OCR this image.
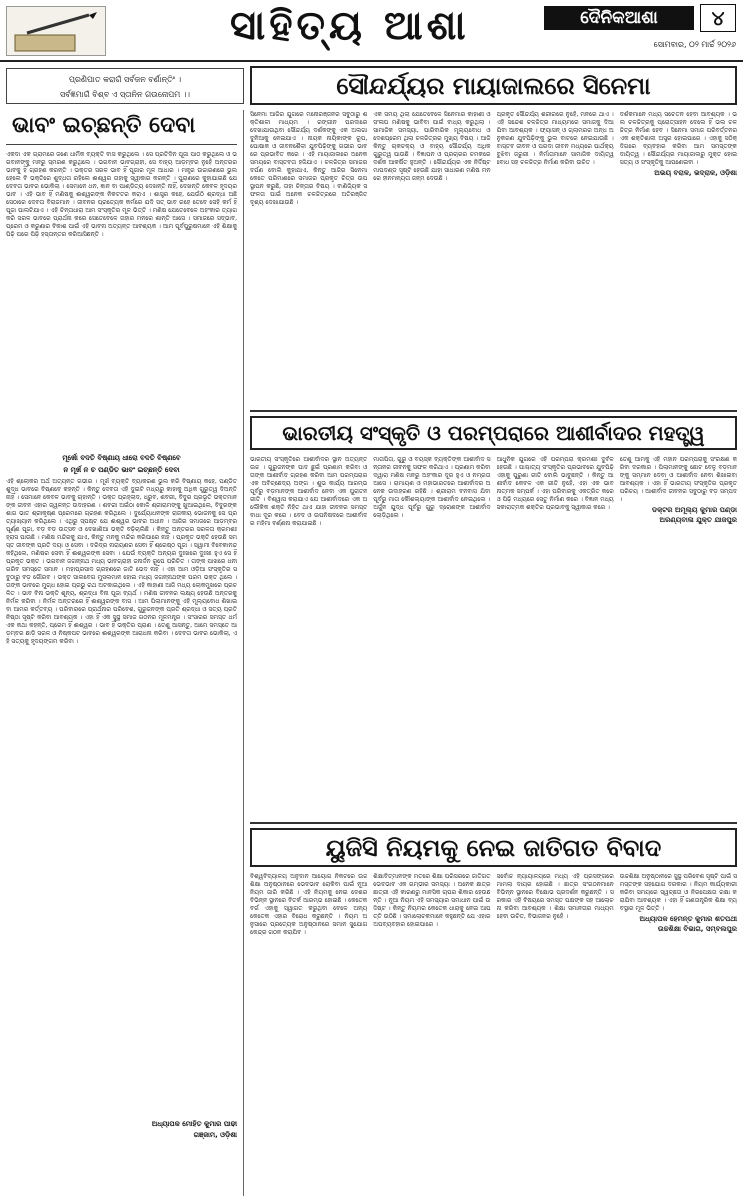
ସାହିତ୍ୟ ଆଶା	ଦୈନିକଆଶା	୪
ସୋମବାର, ୦୨ ମାର୍ଚ୍ଚ ୨୦୨୬
ପ୍ରଣିପାତ କରାଗଁ ସର୍ବଜନ ବର୍ଣାନ୍ତିଂ ।
ସର୍ବଜ୍ଞମାଗଁ ବିଶ୍ବ ଏ ସ୍ତାନିନ ଗଉନୋପମ ।।
ଭାବଂ ଇଚ୍ଛନ୍ତି ଦେବା
ଏକଦା ଏକ ଗ୍ରାମରେ ଜଣେ ଧାର୍ମିକ ବ୍ୟକ୍ତି ବାସ କରୁଥିଲେ । ସେ ପ୍ରତିଦିନ ପୂଜା ପାଠ କରୁଥିଲେ ଓ ଭଗବାନଙ୍କୁ ମନରୁ ସ୍ମରଣ କରୁଥିଲେ । ଭଗବାନ ଭାବଗ୍ରାହୀ, ସେ ବାହ୍ୟ ଆଡ଼ମ୍ବର ନୁହେଁ ଅନ୍ତରର ଭାବକୁ ହିଁ ଗ୍ରହଣ କରନ୍ତି । ଭକ୍ତର ସରଳ ଭାବ ହିଁ ପୂଜାର ମୂଳ ଆଧାର । ମନ୍ତ୍ର ଉଚ୍ଚାରଣରେ ଭୁଲ ହେଲେ ବି ଭକ୍ତିରେ ଶୁଦ୍ଧତା ରହିଲେ ଈଶ୍ୱର ତାହାକୁ ସ୍ୱୀକାର କରନ୍ତି । ପୁରାଣରେ କୁହାଯାଇଛି ଯେ ଦେବତା ଭାବର ଭୋକିଲା । ସେମାନେ ଧନ, ଜ୍ଞାନ ବା ପାଣ୍ଡିତ୍ୟ ଦେଖନ୍ତି ନାହିଁ, ଦେଖନ୍ତି କେବଳ ହୃଦୟର ଭାବ । ଏହି ଭାବ ହିଁ ମଣିଷକୁ ଈଶ୍ୱରଙ୍କ ନିକଟତର କରାଏ । ଶାସ୍ତ୍ର କହେ, ଯେଉଁଠି ଶ୍ରଦ୍ଧା ଅଛି ସେଠାରେ ଦେବତା ବିରାଜମାନ । ଜୀବନର ପ୍ରତ୍ୟେକ କର୍ମରେ ଯଦି ସତ୍ ଭାବ ରହେ ତେବେ ସେହି କର୍ମ ହିଁ ପୂଜା ପାଲଟିଯାଏ । ଏହି ଚିନ୍ତାଧାରା ଆମ ସଂସ୍କୃତିର ମୂଳ ଭିତ୍ତି । ମଣିଷ ଯେତେବେଳେ ଅହଂକାର ତ୍ୟାଗ କରି ସରଳ ଭାବରେ ପ୍ରାର୍ଥନା କରେ ସେତେବେଳେ ତାହାର ମନରେ ଶାନ୍ତି ଆସେ । ସମାଜରେ ସଦ୍‌ଭାବ, ପ୍ରେମ ଓ କରୁଣାର ବିକାଶ ପାଇଁ ଏହି ଭାବନା ଅତ୍ୟନ୍ତ ଆବଶ୍ୟକ । ଆମ ପୂର୍ବପୁରୁଷମାନେ ଏହି ଶିକ୍ଷାକୁ ପିଢ଼ି ପରେ ପିଢ଼ି ହସ୍ତାନ୍ତର କରିଆସିଛନ୍ତି ।
ମୂର୍ଖୋ ବଦତି ବିଷ୍ଣାୟ ଧୀରୋ ବଦତି ବିଷ୍ଣବେ
ନ ମୂର୍ଖ ନ ଚ ପଣ୍ଡିତ ଭାବଂ ଇଚ୍ଛନ୍ତି ଦେବା
ଏହି ଶ୍ଲୋକର ଅର୍ଥ ଅତ୍ୟନ୍ତ ଗଭୀର । ମୂର୍ଖ ବ୍ୟକ୍ତି ବ୍ୟାକରଣ ଭୁଲ କରି ବିଷ୍ଣାୟ କହେ, ପଣ୍ଡିତ ଶୁଦ୍ଧ ଭାବରେ ବିଷ୍ଣବେ କହନ୍ତି । କିନ୍ତୁ ଦେବତା ଏହି ଦୁଇଟି ମଧ୍ୟରୁ କାହାକୁ ଅଧିକ ଗୁରୁତ୍ୱ ଦିଅନ୍ତି ନାହିଁ । ସେମାନେ କେବଳ ଭାବକୁ ଚାହାନ୍ତି । ଭକ୍ତ ପ୍ରହ୍ଲାଦ, ଧ୍ରୁବ, ଶବରୀ, ବିଦୁର ପ୍ରଭୃତି ଭକ୍ତମାନଙ୍କ ଜୀବନ ଏହାର ଜ୍ୱଳନ୍ତ ଉଦାହରଣ । ଶବରୀ ଅଇଁଠା କୋଳି ଶ୍ରୀରାମଙ୍କୁ ଖୁଆଇଥିଲେ, ବିଦୁରଙ୍କ ଶାଗ ଭାତ ଶ୍ରୀକୃଷ୍ଣ ପ୍ରେମରେ ଗ୍ରହଣ କରିଥିଲେ । ଦୁର୍ଯ୍ୟୋଧନଙ୍କ ରାଜକୀୟ ଭୋଜନକୁ ସେ ପ୍ରତ୍ୟାଖ୍ୟାନ କରିଥିଲେ । ଏଥିରୁ ସ୍ପଷ୍ଟ ଯେ ଈଶ୍ୱର ଭାବର ଅଧୀନ । ଆଜିର ସମାଜରେ ଆଡ଼ମ୍ବରପୂର୍ଣ୍ଣ ପୂଜା, ବଡ଼ ବଡ଼ ଉତ୍ସବ ଓ ଦେଖାଣିଆ ଭକ୍ତି ବଢ଼ିଚାଲିଛି । କିନ୍ତୁ ଅନ୍ତରର ସରଳତା କ୍ରମଶଃ ହ୍ରାସ ପାଉଛି । ମଣିଷ ମନ୍ଦିରକୁ ଯାଏ, କିନ୍ତୁ ମନକୁ ମନ୍ଦିର କରିପାରେ ନାହିଁ । ପ୍ରକୃତ ଭକ୍ତି ହେଉଛି ସମସ୍ତ ଜୀବଙ୍କ ପ୍ରତି ଦୟା ଓ ସେବା । ଦରିଦ୍ର ନାରାୟଣର ସେବା ହିଁ ଶ୍ରେଷ୍ଠ ପୂଜା । ସ୍ୱାମୀ ବିବେକାନନ୍ଦ କହିଥିଲେ, ମଣିଷର ସେବା ହିଁ ଈଶ୍ୱରଙ୍କ ସେବା । ଯେଉଁ ବ୍ୟକ୍ତି ଅନ୍ୟର ଦୁଃଖରେ ଦୁଃଖୀ ହୁଏ ସେ ହିଁ ପ୍ରକୃତ ଭକ୍ତ । ଭଗବାନ ଜଗନ୍ନାଥ ମଧ୍ୟ ଭାବଗ୍ରାହୀ ଜନାର୍ଦ୍ଦନ ରୂପେ ପରିଚିତ । ତାଙ୍କ ପାଖରେ ଧନୀ ଗରିବ ସମସ୍ତେ ସମାନ । ମହାପ୍ରସାଦ ଗ୍ରହଣରେ ଜାତି ଭେଦ ନାହିଁ । ଏହା ଆମ ଓଡ଼ିଆ ସଂସ୍କୃତିର ସବୁଠାରୁ ବଡ଼ ଗୌରବ । ଭକ୍ତ ସାଲବେଗ ମୁସଲମାନ ହୋଇ ମଧ୍ୟ ଜଗନ୍ନାଥଙ୍କ ପରମ ଭକ୍ତ ଥିଲେ । ତାଙ୍କ ଭାବରେ ମୁଗ୍ଧ ହୋଇ ପ୍ରଭୁ ରଥ ଅଟକାଇଥିଲେ । ଏହି କାହାଣୀ ଆଜି ମଧ୍ୟ ଲୋକମୁଖରେ ପ୍ରଚଳିତ । ଭାବ ବିନା ଭକ୍ତି ଶୂନ୍ୟ, ଶ୍ରଦ୍ଧା ବିନା ପୂଜା ବ୍ୟର୍ଥ । ମଣିଷ ଜୀବନର ଲକ୍ଷ୍ୟ ହେଉଛି ଅନ୍ତରକୁ ନିର୍ମଳ କରିବା । ନିର୍ମଳ ଅନ୍ତରରେ ହିଁ ଈଶ୍ୱରଙ୍କ ବାସ । ଆମ ପିଲାମାନଙ୍କୁ ଏହି ମୂଲ୍ୟବୋଧ ଶିଖାଇବା ଆମର କର୍ତ୍ତବ୍ୟ । ପରିବାରରେ ପ୍ରାର୍ଥନାର ପରିବେଶ, ଗୁରୁଜନଙ୍କ ପ୍ରତି ଶ୍ରଦ୍ଧା ଓ ସତ୍ୟ ପ୍ରତି ନିଷ୍ଠା ସୃଷ୍ଟି କରିବା ଆବଶ୍ୟକ । ଏହା ହିଁ ଏକ ସୁସ୍ଥ ସମାଜ ଗଠନର ମୂଳମନ୍ତ୍ର । ସଂସାରର ସମସ୍ତ ଧର୍ମ ଏକ କଥା କହନ୍ତି, ପ୍ରେମ ହିଁ ଈଶ୍ୱର । ଭାବ ହିଁ ଭକ୍ତିର ପ୍ରାଣ । ତେଣୁ ଆସନ୍ତୁ, ଆମେ ସମସ୍ତେ ଆଡ଼ମ୍ବର ଛାଡ଼ି ସରଳ ଓ ନିଷ୍କପଟ ଭାବରେ ଈଶ୍ୱରଙ୍କ ଆରାଧନା କରିବା । ଦେବତା ଭାବର ଭୋକିଲା, ଏହି ସତ୍ୟକୁ ହୃଦୟଙ୍ଗମ କରିବା ।
ଅଧ୍ୟାପକ ମୋହିତ କୁମାର ପାଢୀ
ଗଞ୍ଜାମ, ଓଡ଼ିଶା
ସୌନ୍ଦର୍ଯ୍ୟର ମାୟାଜାଲରେ ସିନେମା
ସିନେମା ଆଜିର ଯୁଗରେ ମନୋରଞ୍ଜନର ସବୁଠାରୁ ଶକ୍ତିଶାଳୀ ମାଧ୍ୟମ । ରଙ୍ଗୀନ ପରଦାରେ ଦେଖାଯାଉଥିବା ସୌନ୍ଦର୍ଯ୍ୟ ଦର୍ଶକଙ୍କୁ ଏକ ଅଲଗା ଦୁନିଆକୁ ନେଇଯାଏ । ନାୟକ ନାୟିକାଙ୍କ ରୂପ, ପୋଷାକ ଓ ଜୀବନଶୈଳୀ ଯୁବପିଢ଼ିଙ୍କୁ ଗଭୀର ଭାବରେ ପ୍ରଭାବିତ କରେ । ଏହି ମାୟାଜାଲରେ ଅନେକ ସମୟରେ ବାସ୍ତବତା ହଜିଯାଏ । ଚଳଚ୍ଚିତ୍ର ସମାଜର ଦର୍ପଣ ବୋଲି କୁହାଯାଏ, କିନ୍ତୁ ଆଜିର ସିନେମା କେତେ ପରିମାଣରେ ସମାଜର ପ୍ରକୃତ ଚିତ୍ର ଉପସ୍ଥାପନ କରୁଛି, ତାହା ଚିନ୍ତାର ବିଷୟ । ବାଣିଜ୍ୟିକ ସଫଳତା ପାଇଁ ଅନେକ ଚଳଚ୍ଚିତ୍ରରେ ଅତିରଞ୍ଜିତ ଦୃଶ୍ୟ ଦେଖାଯାଉଛି ।
ଏକ ସମୟ ଥିଲା ଯେତେବେଳେ ସିନେମାର କାହାଣୀ ଓ ସଂଳାପ ମଣିଷକୁ ଭାବିବା ପାଇଁ ବାଧ୍ୟ କରୁଥିଲା । ସାମାଜିକ ସମସ୍ୟା, ପାରିବାରିକ ମୂଲ୍ୟବୋଧ ଓ ଦେଶପ୍ରେମ ଥିଲା ଚଳଚ୍ଚିତ୍ରର ମୁଖ୍ୟ ବିଷୟ । ଆଜି କିନ୍ତୁ ଚାକଚକ୍ୟ ଓ ବାହ୍ୟ ସୌନ୍ଦର୍ଯ୍ୟ ଅଧିକ ଗୁରୁତ୍ୱ ପାଉଛି । ବିଜ୍ଞାପନ ଓ ପ୍ରଚାରର ଚମକରେ ଦର୍ଶକ ଆକର୍ଷିତ ହୁଅନ୍ତି । ସୌନ୍ଦର୍ଯ୍ୟର ଏକ ନିର୍ଦ୍ଦିଷ୍ଟ ମାପଦଣ୍ଡ ସୃଷ୍ଟି ହେଉଛି ଯାହା ସାଧାରଣ ମଣିଷ ମନରେ ହୀନମନ୍ୟତା ଜନ୍ମ ଦେଉଛି ।
ପ୍ରକୃତ ସୌନ୍ଦର୍ଯ୍ୟ ଶରୀରରେ ନୁହେଁ, ମନରେ ଥାଏ । ଏହି ସନ୍ଦେଶ ଚଳଚ୍ଚିତ୍ର ମାଧ୍ୟମରେ ସମାଜକୁ ଦିଆଯିବା ଆବଶ୍ୟକ । ଫ୍ୟାସନ୍ ଓ ଗ୍ଲାମରର ଅନ୍ଧ ଅନୁକରଣ ଯୁବପିଢ଼ିଙ୍କୁ ଭୁଲ ବାଟରେ ନେଇଯାଉଛି । ବାସ୍ତବ ଜୀବନ ଓ ପରଦା ଜୀବନ ମଧ୍ୟରେ ପାର୍ଥକ୍ୟ ବୁଝିବା ଜରୁରୀ । ନିର୍ମାତାମାନେ ସାମାଜିକ ଦାୟିତ୍ୱବୋଧ ସହ ଚଳଚ୍ଚିତ୍ର ନିର୍ମାଣ କରିବା ଉଚିତ ।
ଦର୍ଶକମାନେ ମଧ୍ୟ ସଚେତନ ହେବା ଆବଶ୍ୟକ । ଭଲ ଚଳଚ୍ଚିତ୍ରକୁ ପ୍ରୋତ୍ସାହନ ଦେଲେ ହିଁ ଭଲ ଚଳଚ୍ଚିତ୍ର ନିର୍ମାଣ ହେବ । ସିନେମା ସମାଜ ପରିବର୍ତ୍ତନର ଏକ ଶକ୍ତିଶାଳୀ ଅସ୍ତ୍ର ହୋଇପାରେ । ଏହାକୁ ସଠିକ୍ ଦିଗରେ ବ୍ୟବହାର କରିବା ଆମ ସମସ୍ତଙ୍କ ଦାୟିତ୍ୱ । ସୌନ୍ଦର୍ଯ୍ୟର ମାୟାଜାଲରୁ ମୁକ୍ତ ହୋଇ ସତ୍ୟ ଓ ସଂସ୍କୃତିକୁ ଆପଣେଇବା ।
ଅଭୟ ବରାଳ, ଭଦ୍ରାକ, ଓଡ଼ିଶା
ଭାରତୀୟ ସଂସ୍କୃତି ଓ ପରମ୍ପରାରେ ଆଶୀର୍ବାଦର ମହତ୍ତ୍ୱ
ଭାରତୀୟ ସଂସ୍କୃତିରେ ଆଶୀର୍ବାଦର ସ୍ଥାନ ଅତ୍ୟନ୍ତ ଉଚ୍ଚ । ଗୁରୁଜନଙ୍କ ପାଦ ଛୁଇଁ ପ୍ରଣାମ କରିବା ଓ ତାଙ୍କ ଆଶୀର୍ବାଦ ଗ୍ରହଣ କରିବା ଆମ ପରମ୍ପରାର ଏକ ଅବିଚ୍ଛେଦ୍ୟ ଅଙ୍ଗ । ଶୁଭ କାର୍ଯ୍ୟ ଆରମ୍ଭ ପୂର୍ବରୁ ବଡ଼ମାନଙ୍କ ଆଶୀର୍ବାଦ ନେବା ଏକ ପୁରାତନ ରୀତି । ବିଶ୍ୱାସ କରାଯାଏ ଯେ ଆଶୀର୍ବାଦରେ ଏକ ଅଲୌକିକ ଶକ୍ତି ନିହିତ ଥାଏ ଯାହା ଜୀବନର ସମସ୍ତ ବାଧା ଦୂର କରେ । ବେଦ ଓ ଉପନିଷଦରେ ଆଶୀର୍ବାଦର ମହିମା ବର୍ଣ୍ଣନା କରାଯାଇଛି ।
ମାତାପିତା, ଗୁରୁ ଓ ବୟସ୍କ ବ୍ୟକ୍ତିଙ୍କ ଆଶୀର୍ବାଦ ସନ୍ତାନର ଜୀବନକୁ ସଫଳ କରିଥାଏ । ପ୍ରଣାମ କରିବା ଦ୍ୱାରା ମଣିଷ ମନରୁ ଅହଂକାର ଦୂର ହୁଏ ଓ ନମ୍ରତା ଆସେ । ରାମାୟଣ ଓ ମହାଭାରତରେ ଆଶୀର୍ବାଦର ଅନେକ ଉଦାହରଣ ରହିଛି । ଶ୍ରୀରାମ ବନବାସ ଯିବା ପୂର୍ବରୁ ମାତା କୌଶଲ୍ୟାଙ୍କ ଆଶୀର୍ବାଦ ନେଇଥିଲେ । ଅର୍ଜୁନ ଯୁଦ୍ଧ ପୂର୍ବରୁ ଗୁରୁ ଦ୍ରୋଣଙ୍କ ଆଶୀର୍ବାଦ ଲୋଡ଼ିଥିଲେ ।
ଆଧୁନିକ ଯୁଗରେ ଏହି ପରମ୍ପରା କ୍ରମଶଃ ଦୁର୍ବଳ ହେଉଛି । ପାଶ୍ଚାତ୍ୟ ସଂସ୍କୃତିର ପ୍ରଭାବରେ ଯୁବପିଢ଼ି ଏହାକୁ ପୁରୁଣା ରୀତି ବୋଲି ଭାବୁଛନ୍ତି । କିନ୍ତୁ ଆଶୀର୍ବାଦ କେବଳ ଏକ ରୀତି ନୁହେଁ, ଏହା ଏକ ଭାବନାତ୍ମକ ସମ୍ପର୍କ । ଏହା ପରିବାରକୁ ଏକତ୍ରିତ କରେ ଓ ପିଢ଼ି ମଧ୍ୟରେ ସେତୁ ନିର୍ମାଣ କରେ । ବିଜ୍ଞାନ ମଧ୍ୟ ସକାରାତ୍ମକ ଶକ୍ତିର ପ୍ରଭାବକୁ ସ୍ୱୀକାର କରେ ।
ତେଣୁ ଆମକୁ ଏହି ମହାନ ପରମ୍ପରାକୁ ସଂରକ୍ଷଣ କରିବା ଦରକାର । ପିଲାମାନଙ୍କୁ ଛୋଟ ବେଳୁ ବଡ଼ମାନଙ୍କୁ ସମ୍ମାନ ଦେବା ଓ ଆଶୀର୍ବାଦ ନେବା ଶିଖାଇବା ଆବଶ୍ୟକ । ଏହା ହିଁ ଭାରତୀୟ ସଂସ୍କୃତିର ପ୍ରକୃତ ପରିଚୟ । ଆଶୀର୍ବାଦ ଜୀବନର ସବୁଠାରୁ ବଡ଼ ସମ୍ପଦ ।
ଡକ୍ଟର ଅମୂଲ୍ୟ କୁମାର ପଣ୍ଡା
ଅରଣ୍ୟବାଳା ଯୁକ୍ତ ଯାଜପୁର
ୟୁଜିସି ନିୟମକୁ ନେଇ ଜାତିଗତ ବିବାଦ
ବିଶ୍ୱବିଦ୍ୟାଳୟ ଅନୁଦାନ ଆୟୋଗ ନିକଟରେ ଉଚ୍ଚଶିକ୍ଷା ଅନୁଷ୍ଠାନରେ ଭେଦଭାବ ରୋକିବା ପାଇଁ ନୂଆ ନିୟମ ଜାରି କରିଛି । ଏହି ନିୟମକୁ ନେଇ ଦେଶର ବିଭିନ୍ନ ସ୍ଥାନରେ ବିତର୍କ ଆରମ୍ଭ ହୋଇଛି । କେତେକ ବର୍ଗ ଏହାକୁ ସ୍ୱାଗତ କରୁଥିବା ବେଳେ ଅନ୍ୟ କେତେକ ଏହାର ବିରୋଧ କରୁଛନ୍ତି । ନିୟମ ଅନୁସାରେ ପ୍ରତ୍ୟେକ ଅନୁଷ୍ଠାନରେ ସମାନ ସୁଯୋଗ କେନ୍ଦ୍ର ଗଠନ କରାଯିବ ।
ଶିକ୍ଷାବିତ୍‌ମାନଙ୍କ ମତରେ ଶିକ୍ଷା ପରିସରରେ ଜାତିଗତ ଭେଦଭାବ ଏକ ଗମ୍ଭୀର ସମସ୍ୟା । ଅନେକ ଛାତ୍ରଛାତ୍ରୀ ଏହି କାରଣରୁ ମାନସିକ ଚାପର ଶିକାର ହେଉଛନ୍ତି । ନୂଆ ନିୟମ ଏହି ସମସ୍ୟାର ସମାଧାନ ପାଇଁ ଉଦ୍ଦିଷ୍ଟ । କିନ୍ତୁ ନିୟମର କେତେକ ଧାରାକୁ ନେଇ ଆପତ୍ତି ଉଠିଛି । ସମାଲୋଚକମାନେ କହୁଛନ୍ତି ଯେ ଏହାର ଅପବ୍ୟବହାର ହୋଇପାରେ ।
ସର୍ବୋଚ୍ଚ ନ୍ୟାୟାଳୟରେ ମଧ୍ୟ ଏହି ପ୍ରସଙ୍ଗରେ ମାମଲା ଦାୟର ହୋଇଛି । ଛାତ୍ର ସଂଗଠନମାନେ ବିଭିନ୍ନ ସ୍ଥାନରେ ବିକ୍ଷୋଭ ପ୍ରଦର୍ଶନ କରୁଛନ୍ତି । ସରକାର ଏହି ବିଷୟରେ ସମସ୍ତ ପକ୍ଷଙ୍କ ସହ ଆଲୋଚନା କରିବା ଆବଶ୍ୟକ । ଶିକ୍ଷା ସମାନତାର ମାଧ୍ୟମ ହେବା ଉଚିତ, ବିଭାଜନର ନୁହେଁ ।
ଉଚ୍ଚଶିକ୍ଷା ଅନୁଷ୍ଠାନରେ ସୁସ୍ଥ ପରିବେଶ ସୃଷ୍ଟି ପାଇଁ ସମସ୍ତଙ୍କ ସହଯୋଗ ଦରକାର । ନିୟମ କାର୍ଯ୍ୟକାରୀ କରିବା ସମୟରେ ସ୍ୱଚ୍ଛତା ଓ ନିରପେକ୍ଷତା ରକ୍ଷା କରାଯିବା ଆବଶ୍ୟକ । ଏହା ହିଁ ଗଣତାନ୍ତ୍ରିକ ଶିକ୍ଷା ବ୍ୟବସ୍ଥାର ମୂଳ ଭିତ୍ତି ।
ଅଧ୍ୟାପକ ହେମନ୍ତ କୁମାର ଶତପଥୀ
ଉଚ୍ଚଶିକ୍ଷା ବିଭାଗ, ସମ୍ବଲପୁର
